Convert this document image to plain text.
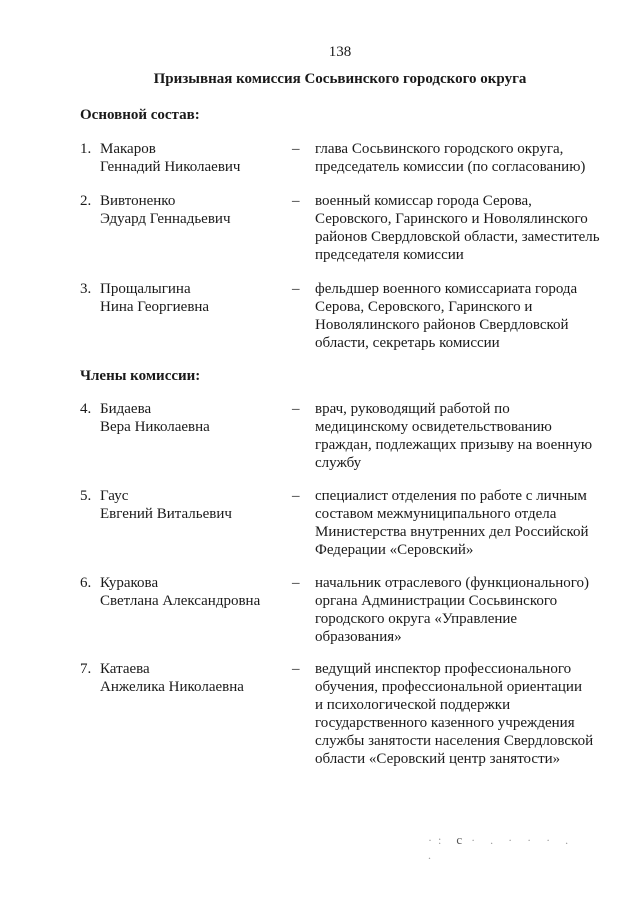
138
Призывная комиссия Сосьвинского городского округа
Основной состав:
1. Макаров
Геннадий Николаевич
– глава Сосьвинского городского округа,
председатель комиссии (по согласованию)
2. Вивтоненко
Эдуард Геннадьевич
– военный комиссар города Серова,
Серовского, Гаринского и Новолялинского
районов Свердловской области, заместитель
председателя комиссии
3. Прощалыгина
Нина Георгиевна
– фельдшер военного комиссариата города
Серова, Серовского, Гаринского и
Новолялинского районов Свердловской
области, секретарь комиссии
Члены комиссии:
4. Бидаева
Вера Николаевна
– врач, руководящий работой по
медицинскому освидетельствованию
граждан, подлежащих призыву на военную
службу
5. Гаус
Евгений Витальевич
– специалист отделения по работе с личным
составом межмуниципального отдела
Министерства внутренних дел Российской
Федерации «Серовский»
6. Куракова
Светлана Александровна
– начальник отраслевого (функционального)
органа Администрации Сосьвинского
городского округа «Управление
образования»
7. Катаева
Анжелика Николаевна
– ведущий инспектор профессионального
обучения, профессиональной ориентации
и психологической поддержки
государственного казенного учреждения
службы занятости населения Свердловской
области «Серовский центр занятости»
·: с · . · · · . .
